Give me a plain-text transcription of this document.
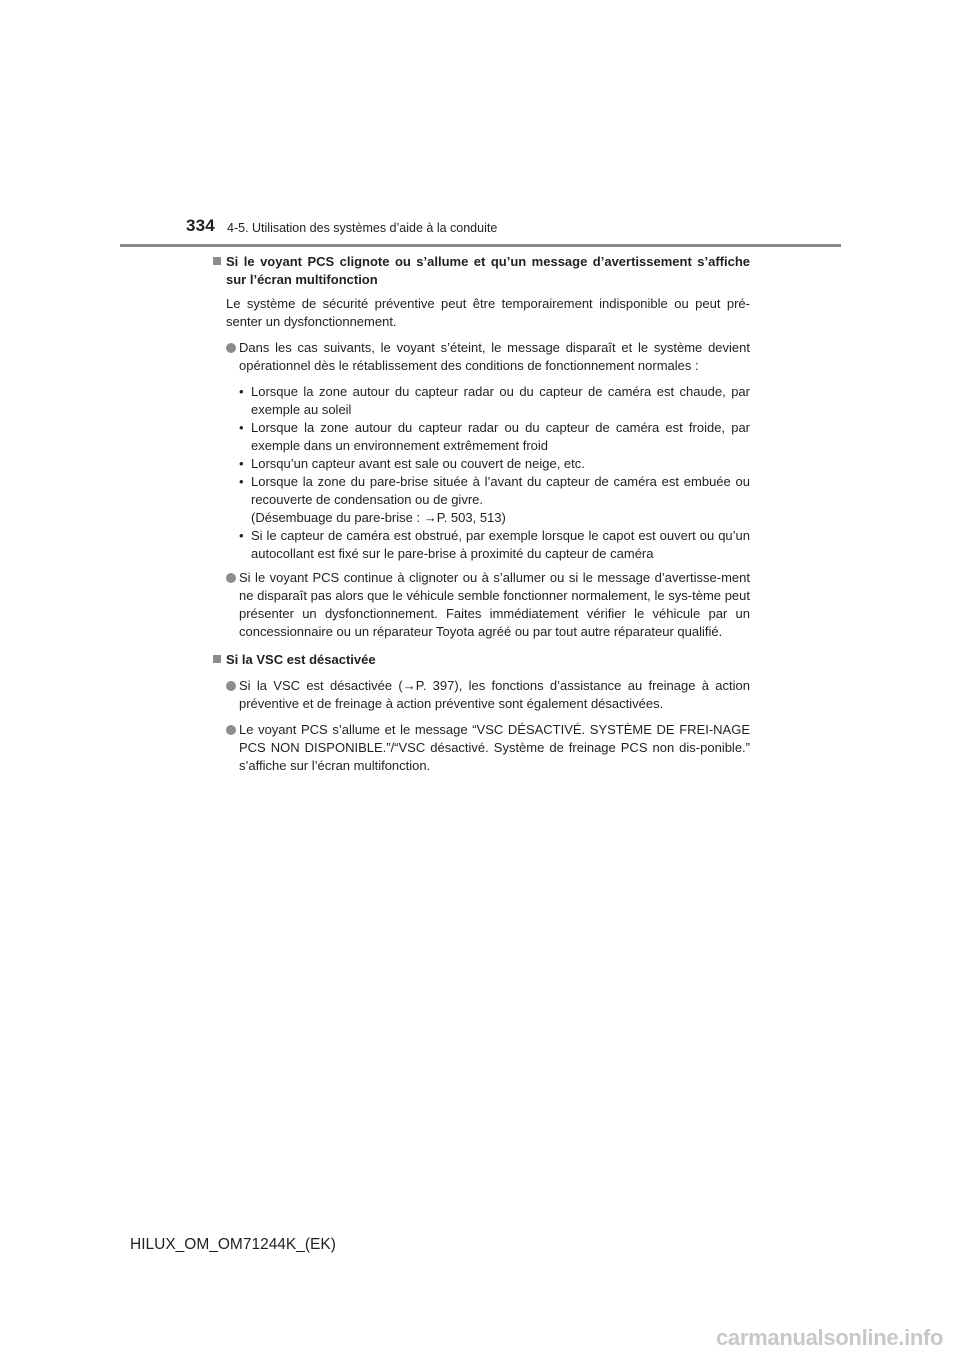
334 4-5. Utilisation des systèmes d’aide à la conduite
Si le voyant PCS clignote ou s’allume et qu’un message d’avertissement s’affiche sur l’écran multifonction
Le système de sécurité préventive peut être temporairement indisponible ou peut pré-senter un dysfonctionnement.
Dans les cas suivants, le voyant s’éteint, le message disparaît et le système devient opérationnel dès le rétablissement des conditions de fonctionnement normales :
• Lorsque la zone autour du capteur radar ou du capteur de caméra est chaude, par exemple au soleil
• Lorsque la zone autour du capteur radar ou du capteur de caméra est froide, par exemple dans un environnement extrêmement froid
• Lorsqu’un capteur avant est sale ou couvert de neige, etc.
• Lorsque la zone du pare-brise située à l’avant du capteur de caméra est embuée ou recouverte de condensation ou de givre.
(Désembuage du pare-brise : →P. 503, 513)
• Si le capteur de caméra est obstrué, par exemple lorsque le capot est ouvert ou qu’un autocollant est fixé sur le pare-brise à proximité du capteur de caméra
Si le voyant PCS continue à clignoter ou à s’allumer ou si le message d’avertisse-ment ne disparaît pas alors que le véhicule semble fonctionner normalement, le sys-tème peut présenter un dysfonctionnement. Faites immédiatement vérifier le véhicule par un concessionnaire ou un réparateur Toyota agréé ou par tout autre réparateur qualifié.
Si la VSC est désactivée
Si la VSC est désactivée (→P. 397), les fonctions d’assistance au freinage à action préventive et de freinage à action préventive sont également désactivées.
Le voyant PCS s’allume et le message “VSC DÉSACTIVÉ. SYSTÈME DE FREI-NAGE PCS NON DISPONIBLE.”/“VSC désactivé. Système de freinage PCS non dis-ponible.” s’affiche sur l’écran multifonction.
HILUX_OM_OM71244K_(EK)
carmanualsonline.info
